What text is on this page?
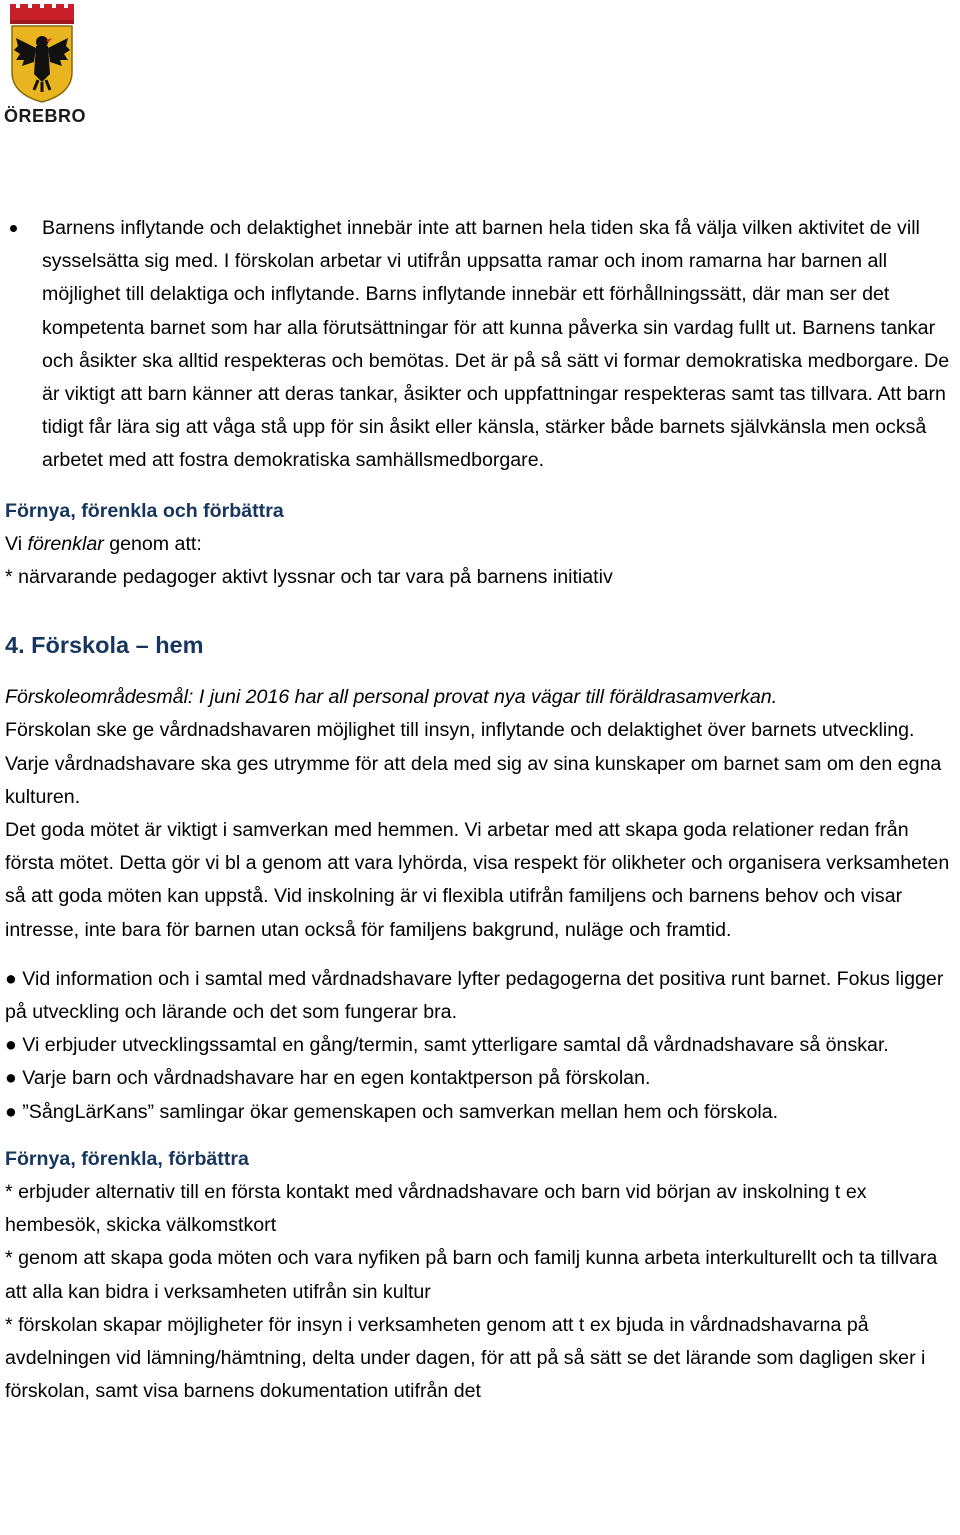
ÖREBRO

Barnens inflytande och delaktighet innebär inte att barnen hela tiden ska få välja vilken aktivitet de vill sysselsätta sig med. I förskolan arbetar vi utifrån uppsatta ramar och inom ramarna har barnen all möjlighet till delaktiga och inflytande. Barns inflytande innebär ett förhållningssätt, där man ser det kompetenta barnet som har alla förutsättningar för att kunna påverka sin vardag fullt ut. Barnens tankar och åsikter ska alltid respekteras och bemötas. Det är på så sätt vi formar demokratiska medborgare. De är viktigt att barn känner att deras tankar, åsikter och uppfattningar respekteras samt tas tillvara. Att barn tidigt får lära sig att våga stå upp för sin åsikt eller känsla, stärker både barnets självkänsla men också arbetet med att fostra demokratiska samhällsmedborgare.

Förnya, förenkla och förbättra

Vi förenklar genom att:

* närvarande pedagoger aktivt lyssnar och tar vara på barnens initiativ

4. Förskola – hem

Förskoleområdesmål: I juni 2016 har all personal provat nya vägar till föräldrasamverkan.

Förskolan ske ge vårdnadshavaren möjlighet till insyn, inflytande och delaktighet över barnets utveckling. Varje vårdnadshavare ska ges utrymme för att dela med sig av sina kunskaper om barnet sam om den egna kulturen.

Det goda mötet är viktigt i samverkan med hemmen. Vi arbetar med att skapa goda relationer redan från första mötet. Detta gör vi bl a genom att vara lyhörda, visa respekt för olikheter och organisera verksamheten så att goda möten kan uppstå. Vid inskolning är vi flexibla utifrån familjens och barnens behov och visar intresse, inte bara för barnen utan också för familjens bakgrund, nuläge och framtid.

● Vid information och i samtal med vårdnadshavare lyfter pedagogerna det positiva runt barnet. Fokus ligger på utveckling och lärande och det som fungerar bra.

● Vi erbjuder utvecklingssamtal en gång/termin, samt ytterligare samtal då vårdnadshavare så önskar.

● Varje barn och vårdnadshavare har en egen kontaktperson på förskolan.

● ”SångLärKans” samlingar ökar gemenskapen och samverkan mellan hem och förskola.

Förnya, förenkla, förbättra

* erbjuder alternativ till en första kontakt med vårdnadshavare och barn vid början av inskolning t ex hembesök, skicka välkomstkort

* genom att skapa goda möten och vara nyfiken på barn och familj kunna arbeta interkulturellt och ta tillvara att alla kan bidra i verksamheten utifrån sin kultur

* förskolan skapar möjligheter för insyn i verksamheten genom att t ex bjuda in vårdnadshavarna på avdelningen vid lämning/hämtning, delta under dagen, för att på så sätt se det lärande som dagligen sker i förskolan, samt visa barnens dokumentation utifrån det
